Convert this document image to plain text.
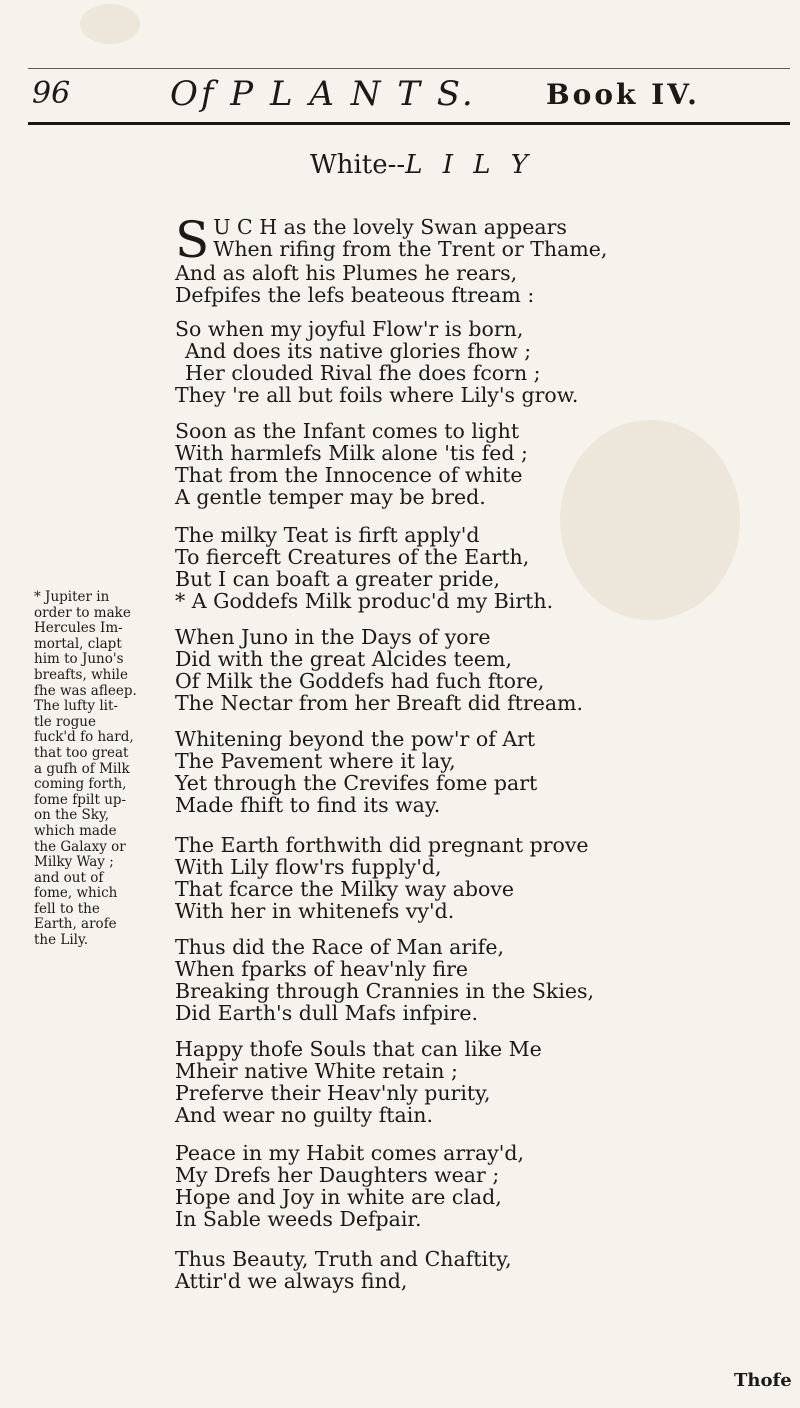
96	Of P L A N T S.	Book IV.
White--L I L Y
S U C H as the lovely Swan appears
When rifing from the Trent or Thame,
And as aloft his Plumes he rears,
Defpifes the lefs beateous ftream :
So when my joyful Flow'r is born,
And does its native glories fhow ;
Her clouded Rival fhe does fcorn ;
They 're all but foils where Lily's grow.
Soon as the Infant comes to light
With harmlefs Milk alone 'tis fed ;
That from the Innocence of white
A gentle temper may be bred.
The milky Teat is firft apply'd
To fierceft Creatures of the Earth,
But I can boaft a greater pride,
* A Goddefs Milk produc'd my Birth.
When Juno in the Days of yore
Did with the great Alcides teem,
Of Milk the Goddefs had fuch ftore,
The Nectar from her Breaft did ftream.
Whitening beyond the pow'r of Art
The Pavement where it lay,
Yet through the Crevifes fome part
Made fhift to find its way.
The Earth forthwith did pregnant prove
With Lily flow'rs fupply'd,
That fcarce the Milky way above
With her in whitenefs vy'd.
Thus did the Race of Man arife,
When fparks of heav'nly fire
Breaking through Crannies in the Skies,
Did Earth's dull Mafs infpire.
Happy thofe Souls that can like Me
Mheir native White retain ;
Preferve their Heav'nly purity,
And wear no guilty ftain.
Peace in my Habit comes array'd,
My Drefs her Daughters wear ;
Hope and Joy in white are clad,
In Sable weeds Defpair.
Thus Beauty, Truth and Chaftity,
Attir'd we always find,
* Jupiter in
order to make
Hercules Im-
mortal, clapt
him to Juno's
breafts, while
fhe was afleep.
The lufty lit-
tle rogue
fuck'd fo hard,
that too great
a gufh of Milk
coming forth,
fome fpilt up-
on the Sky,
which made
the Galaxy or
Milky Way ;
and out of
fome, which
fell to the
Earth, arofe
the Lily.
Thofe
